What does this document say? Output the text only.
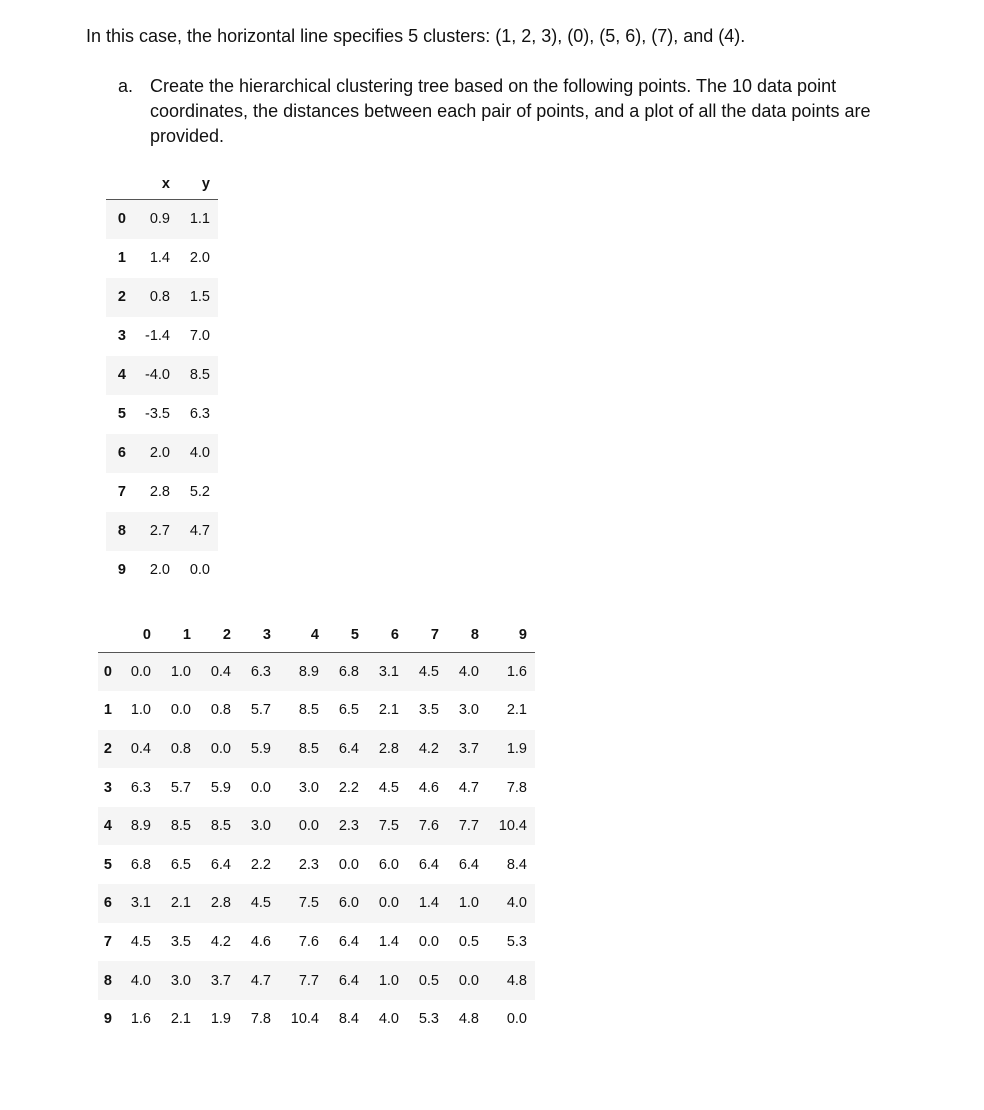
In this case, the horizontal line specifies 5 clusters: (1, 2, 3), (0), (5, 6), (7), and (4).

a. Create the hierarchical clustering tree based on the following points. The 10 data point coordinates, the distances between each pair of points, and a plot of all the data points are provided.
	x	y
0	0.9	1.1
1	1.4	2.0
2	0.8	1.5
3	-1.4	7.0
4	-4.0	8.5
5	-3.5	6.3
6	2.0	4.0
7	2.8	5.2
8	2.7	4.7
9	2.0	0.0
	0	1	2	3	4	5	6	7	8	9
0	0.0	1.0	0.4	6.3	8.9	6.8	3.1	4.5	4.0	1.6
1	1.0	0.0	0.8	5.7	8.5	6.5	2.1	3.5	3.0	2.1
2	0.4	0.8	0.0	5.9	8.5	6.4	2.8	4.2	3.7	1.9
3	6.3	5.7	5.9	0.0	3.0	2.2	4.5	4.6	4.7	7.8
4	8.9	8.5	8.5	3.0	0.0	2.3	7.5	7.6	7.7	10.4
5	6.8	6.5	6.4	2.2	2.3	0.0	6.0	6.4	6.4	8.4
6	3.1	2.1	2.8	4.5	7.5	6.0	0.0	1.4	1.0	4.0
7	4.5	3.5	4.2	4.6	7.6	6.4	1.4	0.0	0.5	5.3
8	4.0	3.0	3.7	4.7	7.7	6.4	1.0	0.5	0.0	4.8
9	1.6	2.1	1.9	7.8	10.4	8.4	4.0	5.3	4.8	0.0
